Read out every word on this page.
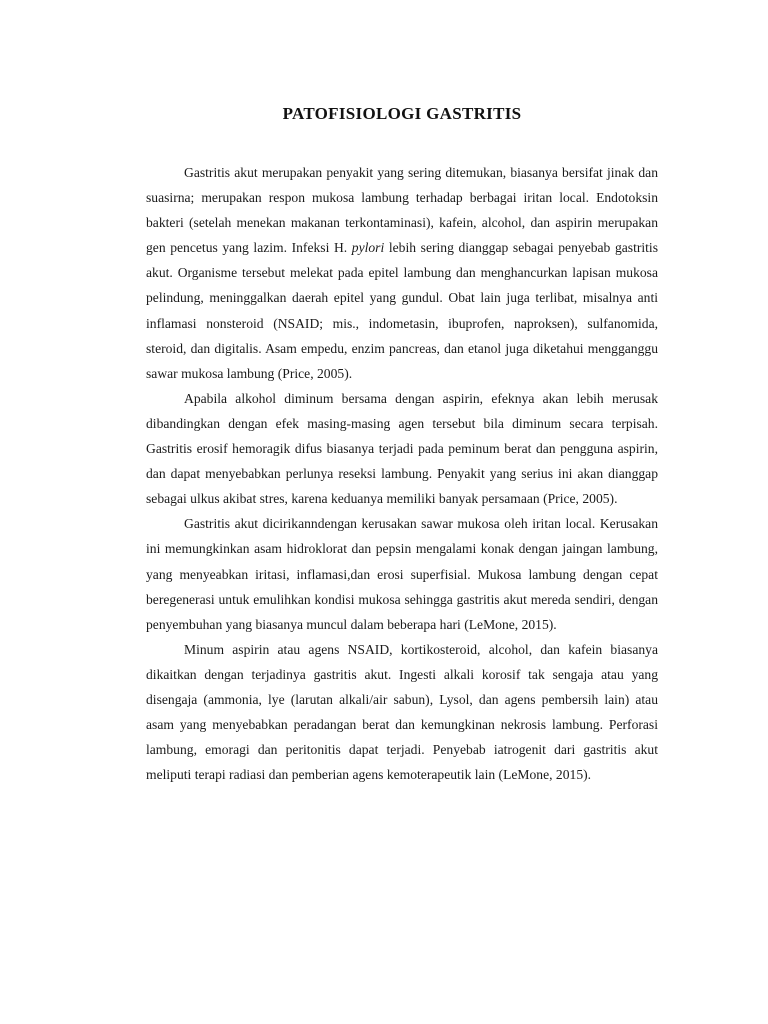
PATOFISIOLOGI GASTRITIS

Gastritis akut merupakan penyakit yang sering ditemukan, biasanya bersifat jinak dan suasirna; merupakan respon mukosa lambung terhadap berbagai iritan local. Endotoksin bakteri (setelah menekan makanan terkontaminasi), kafein, alcohol, dan aspirin merupakan gen pencetus yang lazim. Infeksi H. pylori lebih sering dianggap sebagai penyebab gastritis akut. Organisme tersebut melekat pada epitel lambung dan menghancurkan lapisan mukosa pelindung, meninggalkan daerah epitel yang gundul. Obat lain juga terlibat, misalnya anti inflamasi nonsteroid (NSAID; mis., indometasin, ibuprofen, naproksen), sulfanomida, steroid, dan digitalis. Asam empedu, enzim pancreas, dan etanol juga diketahui mengganggu sawar mukosa lambung (Price, 2005).

Apabila alkohol diminum bersama dengan aspirin, efeknya akan lebih merusak dibandingkan dengan efek masing-masing agen tersebut bila diminum secara terpisah. Gastritis erosif hemoragik difus biasanya terjadi pada peminum berat dan pengguna aspirin, dan dapat menyebabkan perlunya reseksi lambung. Penyakit yang serius ini akan dianggap sebagai ulkus akibat stres, karena keduanya memiliki banyak persamaan (Price, 2005).

Gastritis akut dicirikanndengan kerusakan sawar mukosa oleh iritan local. Kerusakan ini memungkinkan asam hidroklorat dan pepsin mengalami konak dengan jaingan lambung, yang menyeabkan iritasi, inflamasi,dan erosi superfisial. Mukosa lambung dengan cepat beregenerasi untuk emulihkan kondisi mukosa sehingga gastritis akut mereda sendiri, dengan penyembuhan yang biasanya muncul dalam beberapa hari (LeMone, 2015).

Minum aspirin atau agens NSAID, kortikosteroid, alcohol, dan kafein biasanya dikaitkan dengan terjadinya gastritis akut. Ingesti alkali korosif tak sengaja atau yang disengaja (ammonia, lye (larutan alkali/air sabun), Lysol, dan agens pembersih lain) atau asam yang menyebabkan peradangan berat dan kemungkinan nekrosis lambung. Perforasi lambung, emoragi dan peritonitis dapat terjadi. Penyebab iatrogenit dari gastritis akut meliputi terapi radiasi dan pemberian agens kemoterapeutik lain (LeMone, 2015).
